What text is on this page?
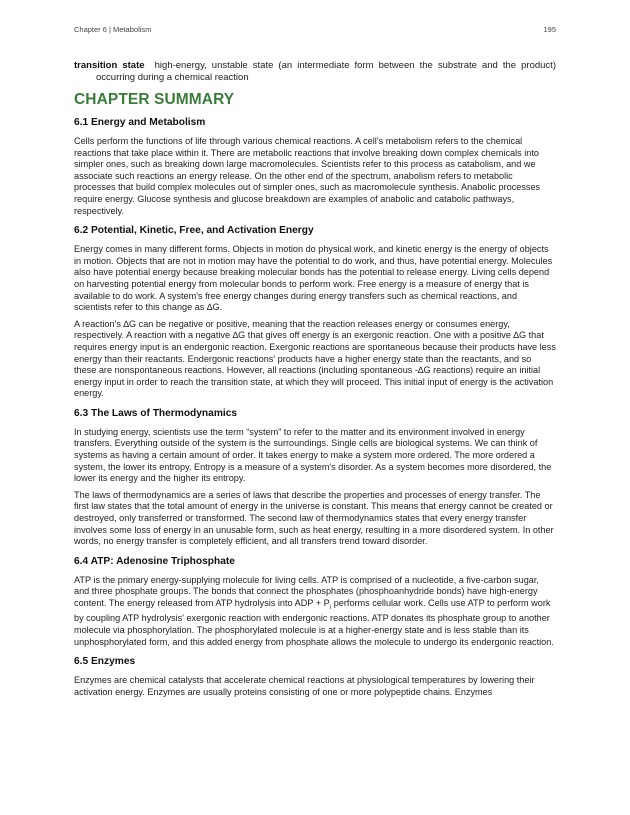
Chapter 6 | Metabolism	195

transition state high-energy, unstable state (an intermediate form between the substrate and the product) occurring during a chemical reaction

CHAPTER SUMMARY
6.1 Energy and Metabolism

Cells perform the functions of life through various chemical reactions. A cell’s metabolism refers to the chemical reactions that take place within it. There are metabolic reactions that involve breaking down complex chemicals into simpler ones, such as breaking down large macromolecules. Scientists refer to this process as catabolism, and we associate such reactions an energy release. On the other end of the spectrum, anabolism refers to metabolic processes that build complex molecules out of simpler ones, such as macromolecule synthesis. Anabolic processes require energy. Glucose synthesis and glucose breakdown are examples of anabolic and catabolic pathways, respectively.

6.2 Potential, Kinetic, Free, and Activation Energy

Energy comes in many different forms. Objects in motion do physical work, and kinetic energy is the energy of objects in motion. Objects that are not in motion may have the potential to do work, and thus, have potential energy. Molecules also have potential energy because breaking molecular bonds has the potential to release energy. Living cells depend on harvesting potential energy from molecular bonds to perform work. Free energy is a measure of energy that is available to do work. A system's free energy changes during energy transfers such as chemical reactions, and scientists refer to this change as ∆G.

A reaction's ∆G can be negative or positive, meaning that the reaction releases energy or consumes energy, respectively. A reaction with a negative ∆G that gives off energy is an exergonic reaction. One with a positive ∆G that requires energy input is an endergonic reaction. Exergonic reactions are spontaneous because their products have less energy than their reactants. Endergonic reactions' products have a higher energy state than the reactants, and so these are nonspontaneous reactions. However, all reactions (including spontaneous -∆G reactions) require an initial energy input in order to reach the transition state, at which they will proceed. This initial input of energy is the activation energy.

6.3 The Laws of Thermodynamics

In studying energy, scientists use the term “system” to refer to the matter and its environment involved in energy transfers. Everything outside of the system is the surroundings. Single cells are biological systems. We can think of systems as having a certain amount of order. It takes energy to make a system more ordered. The more ordered a system, the lower its entropy. Entropy is a measure of a system's disorder. As a system becomes more disordered, the lower its energy and the higher its entropy.

The laws of thermodynamics are a series of laws that describe the properties and processes of energy transfer. The first law states that the total amount of energy in the universe is constant. This means that energy cannot be created or destroyed, only transferred or transformed. The second law of thermodynamics states that every energy transfer involves some loss of energy in an unusable form, such as heat energy, resulting in a more disordered system. In other words, no energy transfer is completely efficient, and all transfers trend toward disorder.

6.4 ATP: Adenosine Triphosphate

ATP is the primary energy-supplying molecule for living cells. ATP is comprised of a nucleotide, a five-carbon sugar, and three phosphate groups. The bonds that connect the phosphates (phosphoanhydride bonds) have high-energy content. The energy released from ATP hydrolysis into ADP + $P_i$ performs cellular work. Cells use ATP to perform work by coupling ATP hydrolysis' exergonic reaction with endergonic reactions. ATP donates its phosphate group to another molecule via phosphorylation. The phosphorylated molecule is at a higher-energy state and is less stable than its unphosphorylated form, and this added energy from phosphate allows the molecule to undergo its endergonic reaction.

6.5 Enzymes

Enzymes are chemical catalysts that accelerate chemical reactions at physiological temperatures by lowering their activation energy. Enzymes are usually proteins consisting of one or more polypeptide chains. Enzymes
